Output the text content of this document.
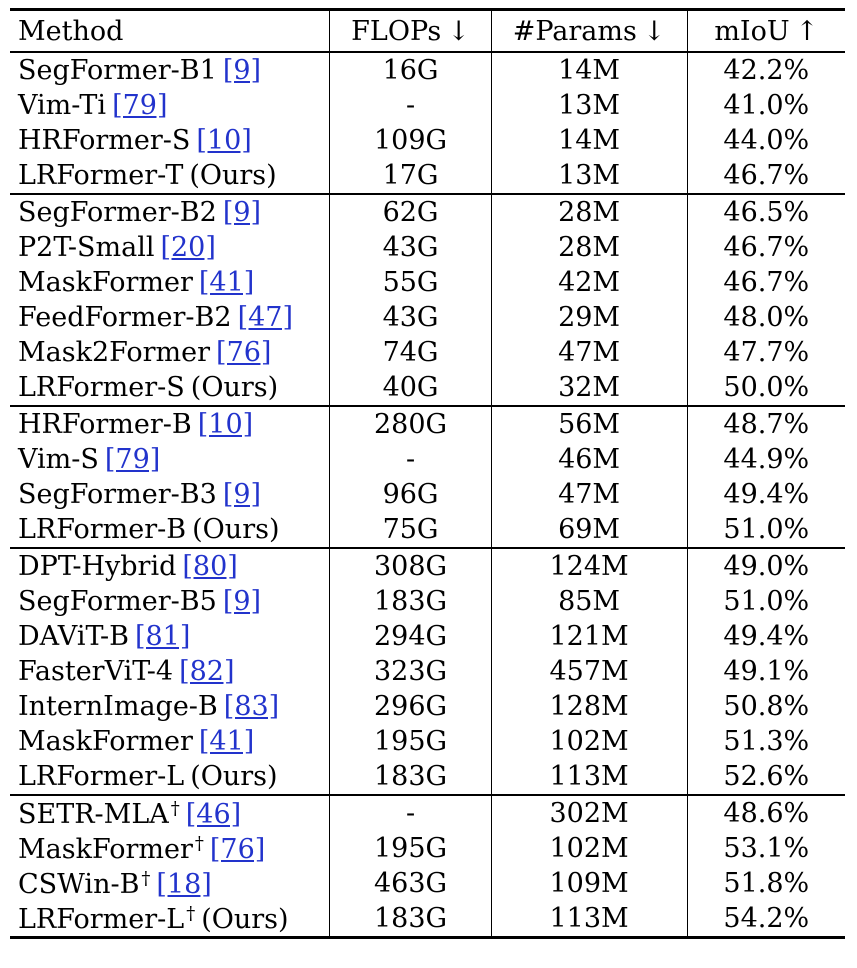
Method	FLOPs ↓	#Params ↓	mIoU ↑
SegFormer-B1 [9]	16G	14M	42.2%
Vim-Ti [79]	-	13M	41.0%
HRFormer-S [10]	109G	14M	44.0%
LRFormer-T (Ours)	17G	13M	46.7%
SegFormer-B2 [9]	62G	28M	46.5%
P2T-Small [20]	43G	28M	46.7%
MaskFormer [41]	55G	42M	46.7%
FeedFormer-B2 [47]	43G	29M	48.0%
Mask2Former [76]	74G	47M	47.7%
LRFormer-S (Ours)	40G	32M	50.0%
HRFormer-B [10]	280G	56M	48.7%
Vim-S [79]	-	46M	44.9%
SegFormer-B3 [9]	96G	47M	49.4%
LRFormer-B (Ours)	75G	69M	51.0%
DPT-Hybrid [80]	308G	124M	49.0%
SegFormer-B5 [9]	183G	85M	51.0%
DAViT-B [81]	294G	121M	49.4%
FasterViT-4 [82]	323G	457M	49.1%
InternImage-B [83]	296G	128M	50.8%
MaskFormer [41]	195G	102M	51.3%
LRFormer-L (Ours)	183G	113M	52.6%
SETR-MLA † [46]	-	302M	48.6%
MaskFormer † [76]	195G	102M	53.1%
CSWin-B † [18]	463G	109M	51.8%
LRFormer-L † (Ours)	183G	113M	54.2%
